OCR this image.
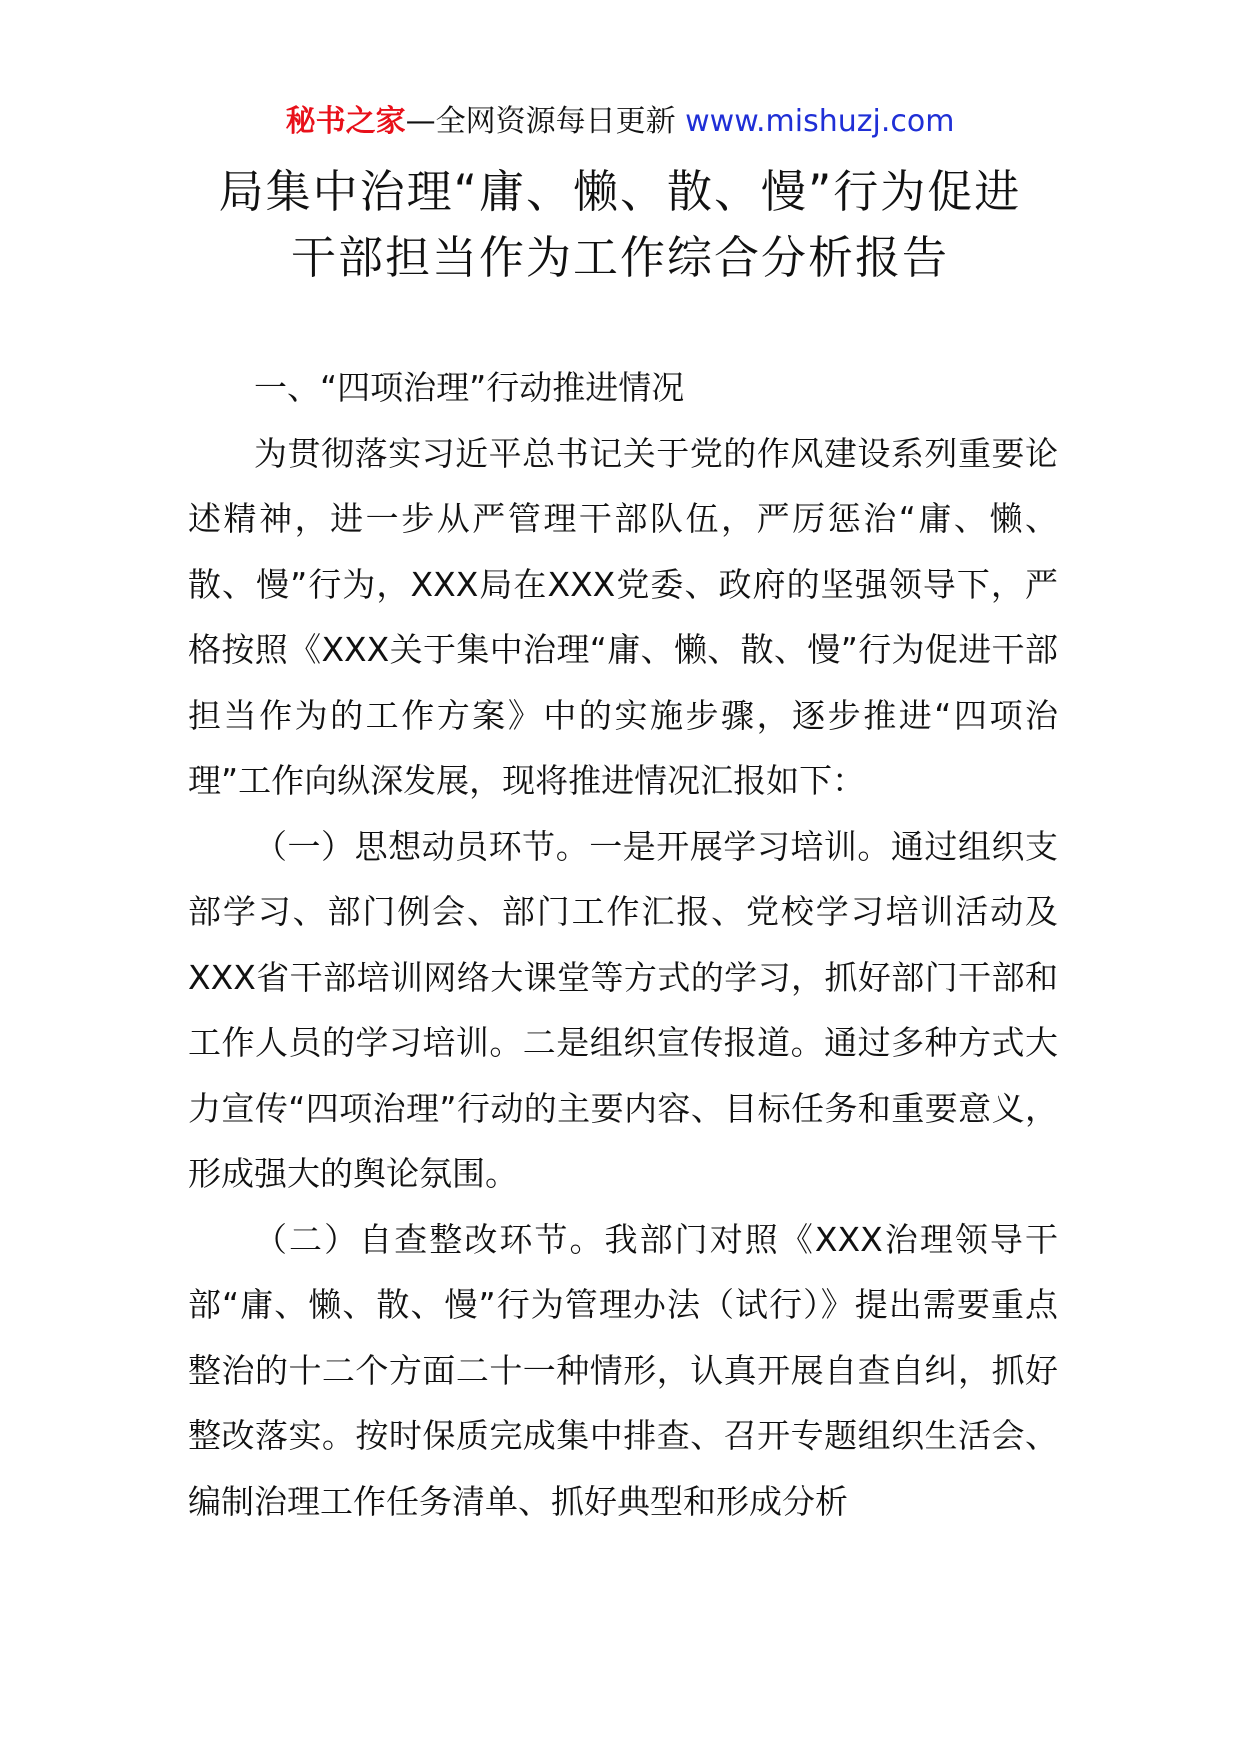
秘书之家—全网资源每日更新 www.mishuzj.com
局集中治理“庸、懒、散、慢”行为促进
干部担当作为工作综合分析报告

一、“四项治理”行动推进情况

为贯彻落实习近平总书记关于党的作风建设系列重要论述精神，进一步从严管理干部队伍，严厉惩治“庸、懒、散、慢”行为，XXX局在XXX党委、政府的坚强领导下，严格按照《XXX关于集中治理“庸、懒、散、慢”行为促进干部担当作为的工作方案》中的实施步骤，逐步推进“四项治理”工作向纵深发展，现将推进情况汇报如下：

（一）思想动员环节。一是开展学习培训。通过组织支部学习、部门例会、部门工作汇报、党校学习培训活动及XXX省干部培训网络大课堂等方式的学习，抓好部门干部和工作人员的学习培训。二是组织宣传报道。通过多种方式大力宣传“四项治理”行动的主要内容、目标任务和重要意义，形成强大的舆论氛围。

（二）自查整改环节。我部门对照《XXX治理领导干部“庸、懒、散、慢”行为管理办法（试行）》提出需要重点整治的十二个方面二十一种情形，认真开展自查自纠，抓好整改落实。按时保质完成集中排查、召开专题组织生活会、编制治理工作任务清单、抓好典型和形成分析
